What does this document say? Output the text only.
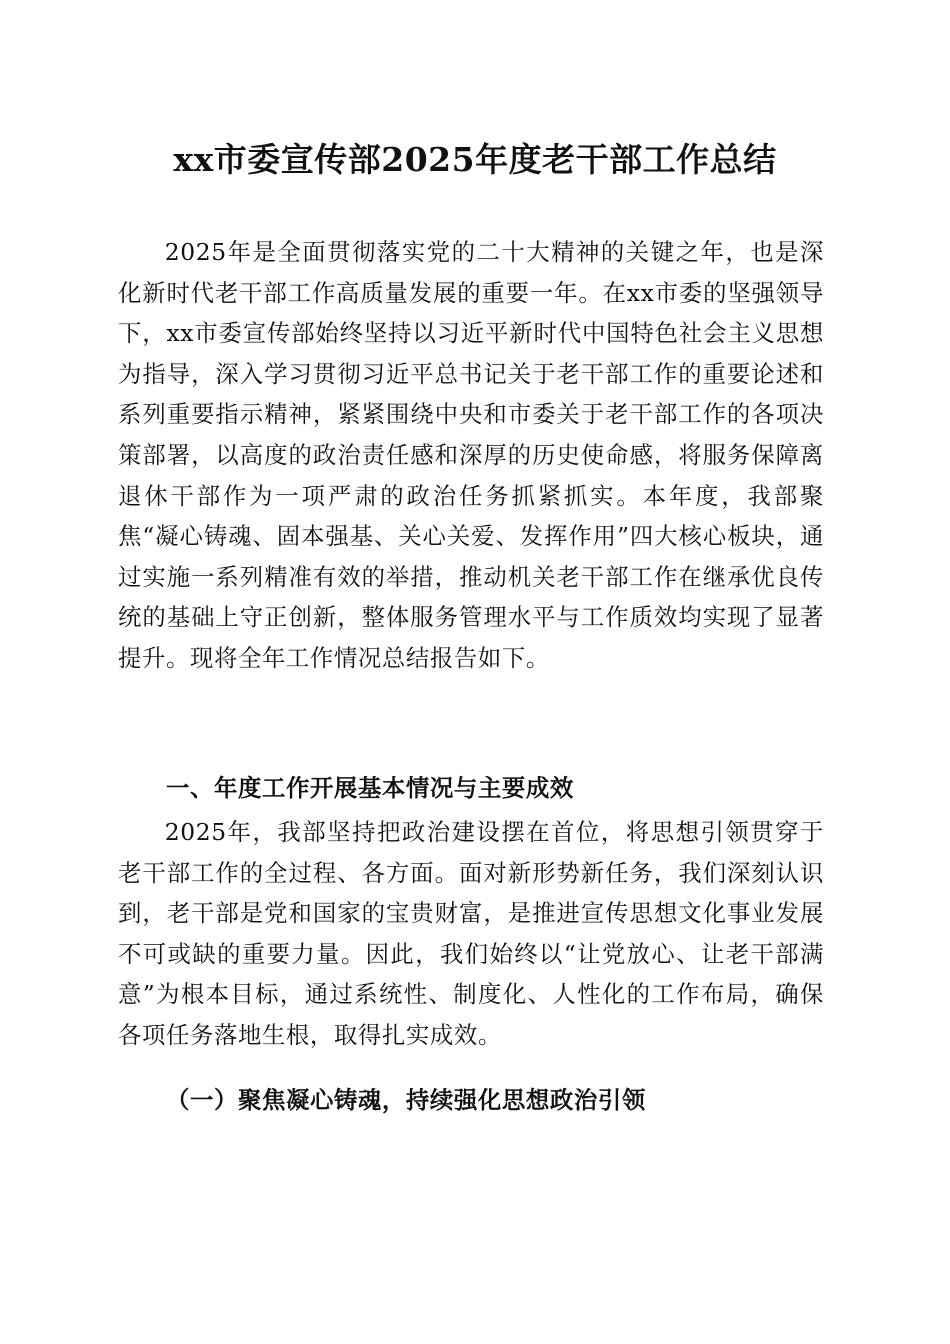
xx市委宣传部2025年度老干部工作总结

2025年是全面贯彻落实党的二十大精神的关键之年，也是深化新时代老干部工作高质量发展的重要一年。在xx市委的坚强领导下，xx市委宣传部始终坚持以习近平新时代中国特色社会主义思想为指导，深入学习贯彻习近平总书记关于老干部工作的重要论述和系列重要指示精神，紧紧围绕中央和市委关于老干部工作的各项决策部署，以高度的政治责任感和深厚的历史使命感，将服务保障离退休干部作为一项严肃的政治任务抓紧抓实。本年度，我部聚焦“凝心铸魂、固本强基、关心关爱、发挥作用”四大核心板块，通过实施一系列精准有效的举措，推动机关老干部工作在继承优良传统的基础上守正创新，整体服务管理水平与工作质效均实现了显著提升。现将全年工作情况总结报告如下。

一、年度工作开展基本情况与主要成效

2025年，我部坚持把政治建设摆在首位，将思想引领贯穿于老干部工作的全过程、各方面。面对新形势新任务，我们深刻认识到，老干部是党和国家的宝贵财富，是推进宣传思想文化事业发展不可或缺的重要力量。因此，我们始终以“让党放心、让老干部满意”为根本目标，通过系统性、制度化、人性化的工作布局，确保各项任务落地生根，取得扎实成效。

（一）聚焦凝心铸魂，持续强化思想政治引领
